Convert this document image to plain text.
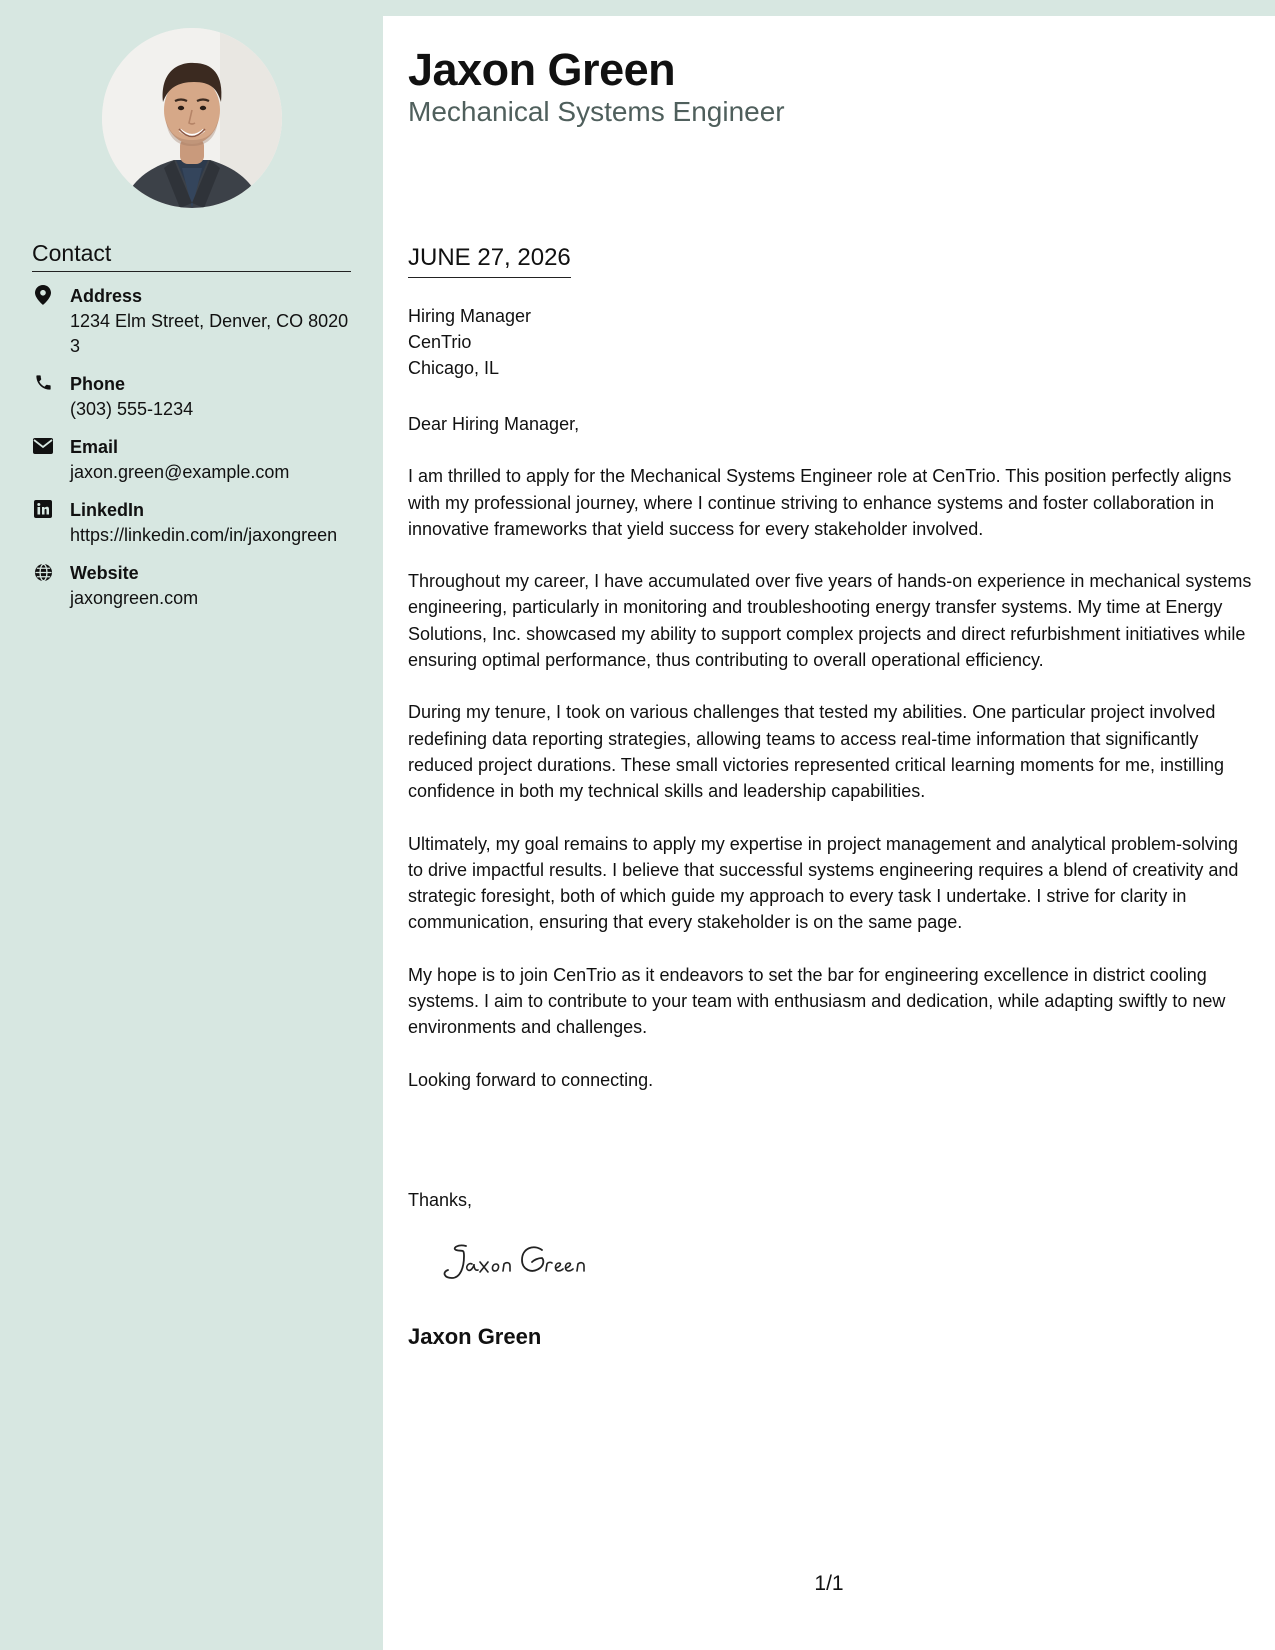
Contact
Address
1234 Elm Street, Denver, CO 80203
Phone
(303) 555-1234
Email
jaxon.green@example.com
LinkedIn
https://linkedin.com/in/jaxongreen
Website
jaxongreen.com
Jaxon Green
Mechanical Systems Engineer
JUNE 27, 2026
Hiring Manager
CenTrio
Chicago, IL

Dear Hiring Manager,

I am thrilled to apply for the Mechanical Systems Engineer role at CenTrio. This position perfectly aligns with my professional journey, where I continue striving to enhance systems and foster collaboration in innovative frameworks that yield success for every stakeholder involved.

Throughout my career, I have accumulated over five years of hands-on experience in mechanical systems engineering, particularly in monitoring and troubleshooting energy transfer systems. My time at Energy Solutions, Inc. showcased my ability to support complex projects and direct refurbishment initiatives while ensuring optimal performance, thus contributing to overall operational efficiency.

During my tenure, I took on various challenges that tested my abilities. One particular project involved redefining data reporting strategies, allowing teams to access real-time information that significantly reduced project durations. These small victories represented critical learning moments for me, instilling confidence in both my technical skills and leadership capabilities.

Ultimately, my goal remains to apply my expertise in project management and analytical problem-solving to drive impactful results. I believe that successful systems engineering requires a blend of creativity and strategic foresight, both of which guide my approach to every task I undertake. I strive for clarity in communication, ensuring that every stakeholder is on the same page.

My hope is to join CenTrio as it endeavors to set the bar for engineering excellence in district cooling systems. I aim to contribute to your team with enthusiasm and dedication, while adapting swiftly to new environments and challenges.

Looking forward to connecting.

Thanks,
Jaxon Green
1/1
